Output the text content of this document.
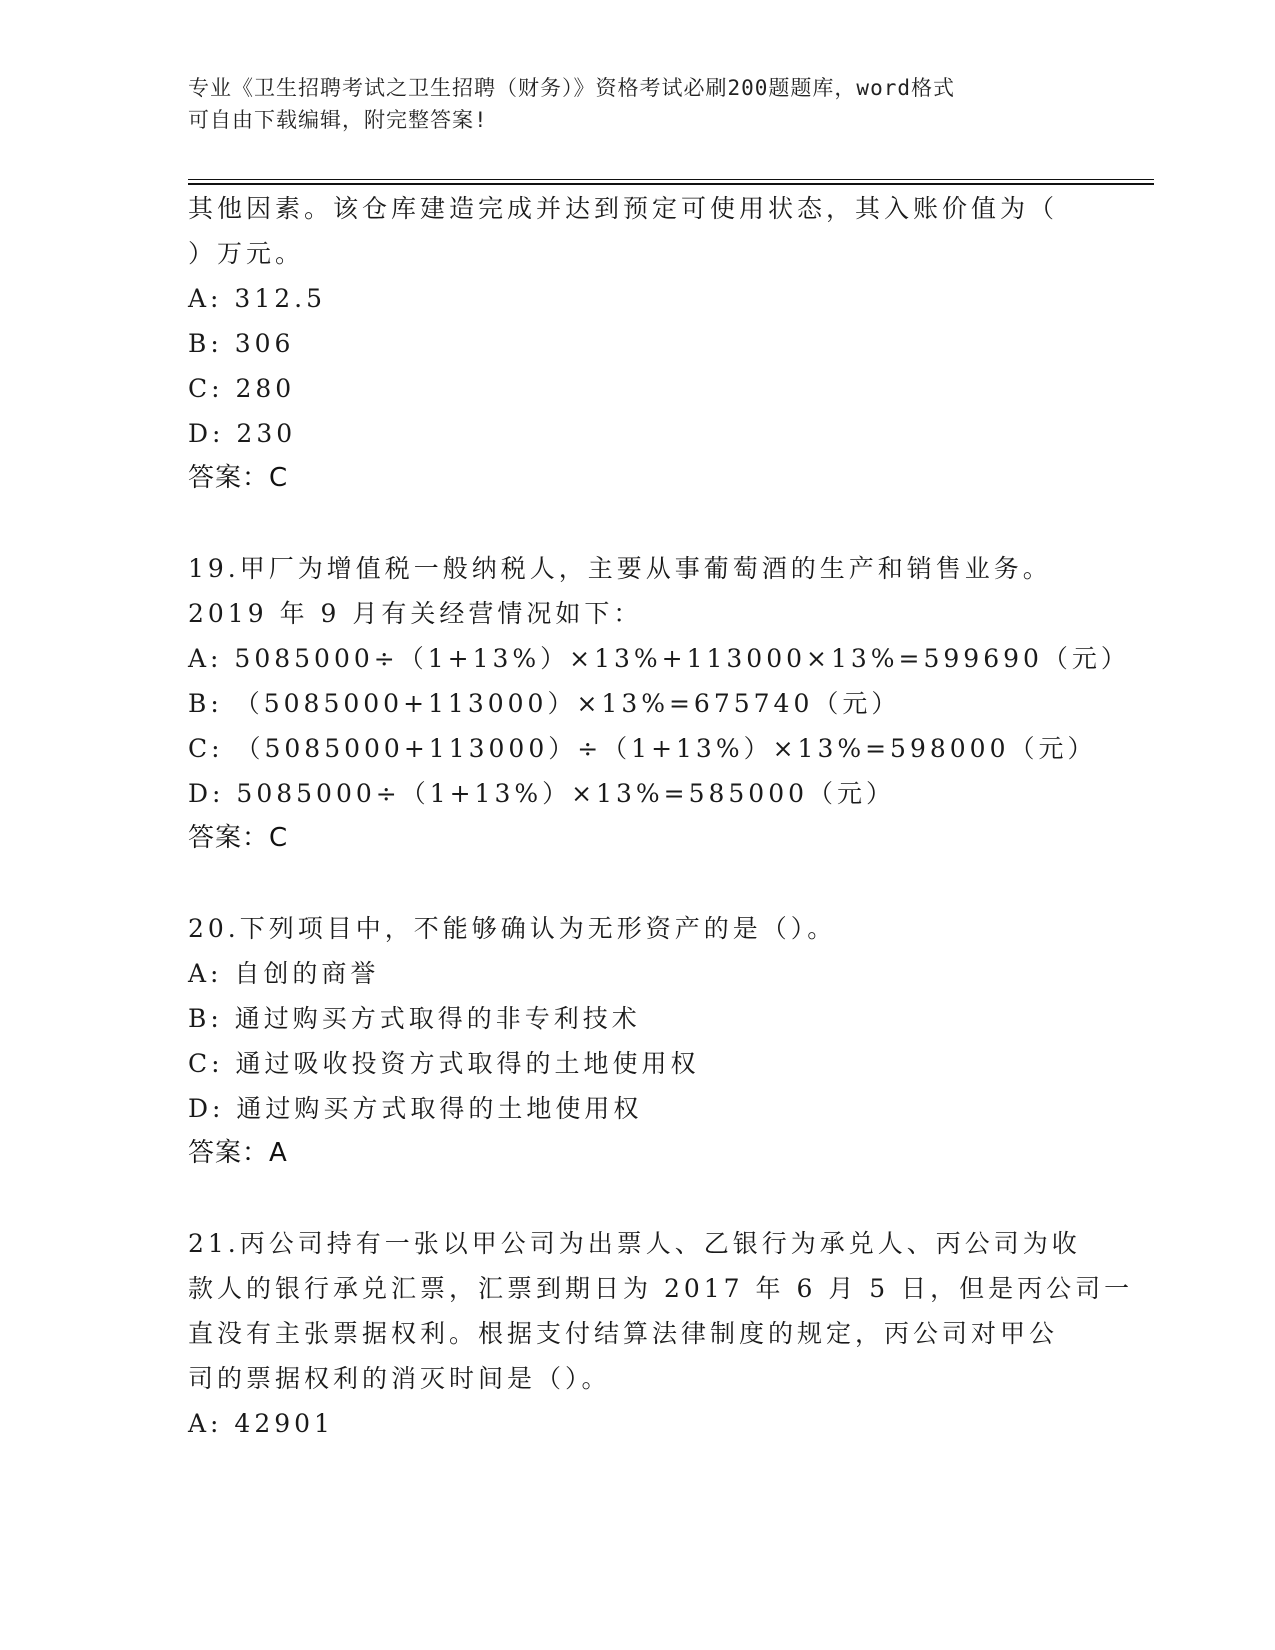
专业《卫生招聘考试之卫生招聘（财务）》资格考试必刷200题题库，word格式
可自由下载编辑，附完整答案!
其他因素。该仓库建造完成并达到预定可使用状态，其入账价值为（
）万元。
A: 312.5
B: 306
C: 280
D: 230
答案：C
19.甲厂为增值税一般纳税人，主要从事葡萄酒的生产和销售业务。
2019 年 9 月有关经营情况如下：
A: 5085000÷（1+13%）×13%+113000×13%=599690（元）
B: （5085000+113000）×13%=675740（元）
C: （5085000+113000）÷（1+13%）×13%=598000（元）
D: 5085000÷（1+13%）×13%=585000（元）
答案：C
20.下列项目中，不能够确认为无形资产的是（）。
A: 自创的商誉
B: 通过购买方式取得的非专利技术
C: 通过吸收投资方式取得的土地使用权
D: 通过购买方式取得的土地使用权
答案：A
21.丙公司持有一张以甲公司为出票人、乙银行为承兑人、丙公司为收
款人的银行承兑汇票，汇票到期日为 2017 年 6 月 5 日，但是丙公司一
直没有主张票据权利。根据支付结算法律制度的规定，丙公司对甲公
司的票据权利的消灭时间是（）。
A: 42901
